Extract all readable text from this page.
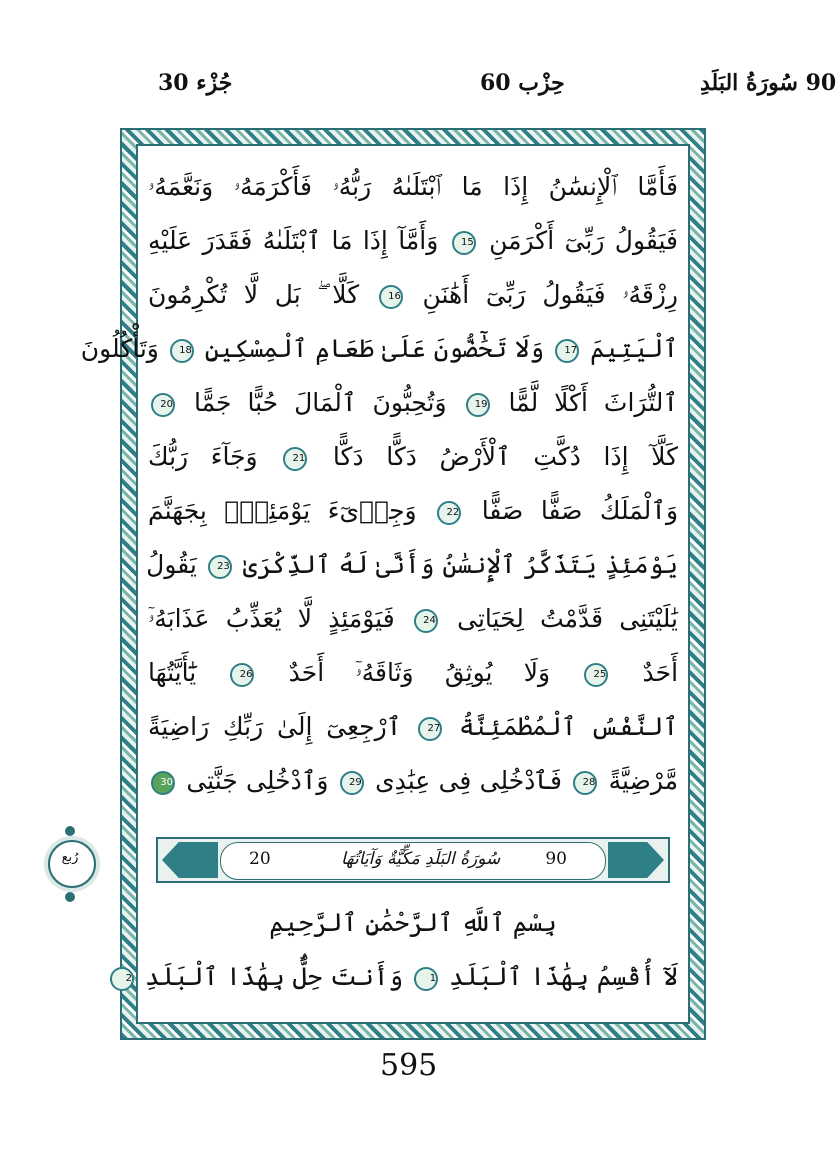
جُزْء 30	حِزْب 60	90 سُورَةُ البَلَدِ
فَأَمَّا ٱلْإِنسَٰنُ إِذَا مَا ٱبْتَلَىٰهُ رَبُّهُۥ فَأَكْرَمَهُۥ وَنَعَّمَهُۥ
فَيَقُولُ رَبِّىٓ أَكْرَمَنِ 15 وَأَمَّآ إِذَا مَا ٱبْتَلَىٰهُ فَقَدَرَ عَلَيْهِ
رِزْقَهُۥ فَيَقُولُ رَبِّىٓ أَهَٰنَنِ 16 كَلَّا ۖ بَل لَّا تُكْرِمُونَ
ٱلْيَتِيمَ 17 وَلَا تَحَٰٓضُّونَ عَلَىٰ طَعَامِ ٱلْمِسْكِينِ 18 وَتَأْكُلُونَ
ٱلتُّرَاثَ أَكْلًا لَّمًّا 19 وَتُحِبُّونَ ٱلْمَالَ حُبًّا جَمًّا 20
كَلَّآ إِذَا دُكَّتِ ٱلْأَرْضُ دَكًّا دَكًّا 21 وَجَآءَ رَبُّكَ
وَٱلْمَلَكُ صَفًّا صَفًّا 22 وَجِا۟ىٓءَ يَوْمَئِذٍۭ بِجَهَنَّمَ
يَوْمَئِذٍ يَتَذَكَّرُ ٱلْإِنسَٰنُ وَأَنَّىٰ لَهُ ٱلذِّكْرَىٰ 23 يَقُولُ
يَٰلَيْتَنِى قَدَّمْتُ لِحَيَاتِى 24 فَيَوْمَئِذٍ لَّا يُعَذِّبُ عَذَابَهُۥٓ
أَحَدٌ 25 وَلَا يُوثِقُ وَثَاقَهُۥٓ أَحَدٌ 26 يَٰٓأَيَّتُهَا
ٱلنَّفْسُ ٱلْمُطْمَئِنَّةُ 27 ٱرْجِعِىٓ إِلَىٰ رَبِّكِ رَاضِيَةً
مَّرْضِيَّةً 28 فَٱدْخُلِى فِى عِبَٰدِى 29 وَٱدْخُلِى جَنَّتِى 30
20	سُورَةُ البَلَدِ مَكِّيَّةٌ وَآيَاتُهَا	90
بِسْمِ ٱللَّهِ ٱلرَّحْمَٰنِ ٱلرَّحِيمِ
لَآ أُقْسِمُ بِهَٰذَا ٱلْبَلَدِ 1 وَأَنتَ حِلٌّۢ بِهَٰذَا ٱلْبَلَدِ 2
رُبع
595
